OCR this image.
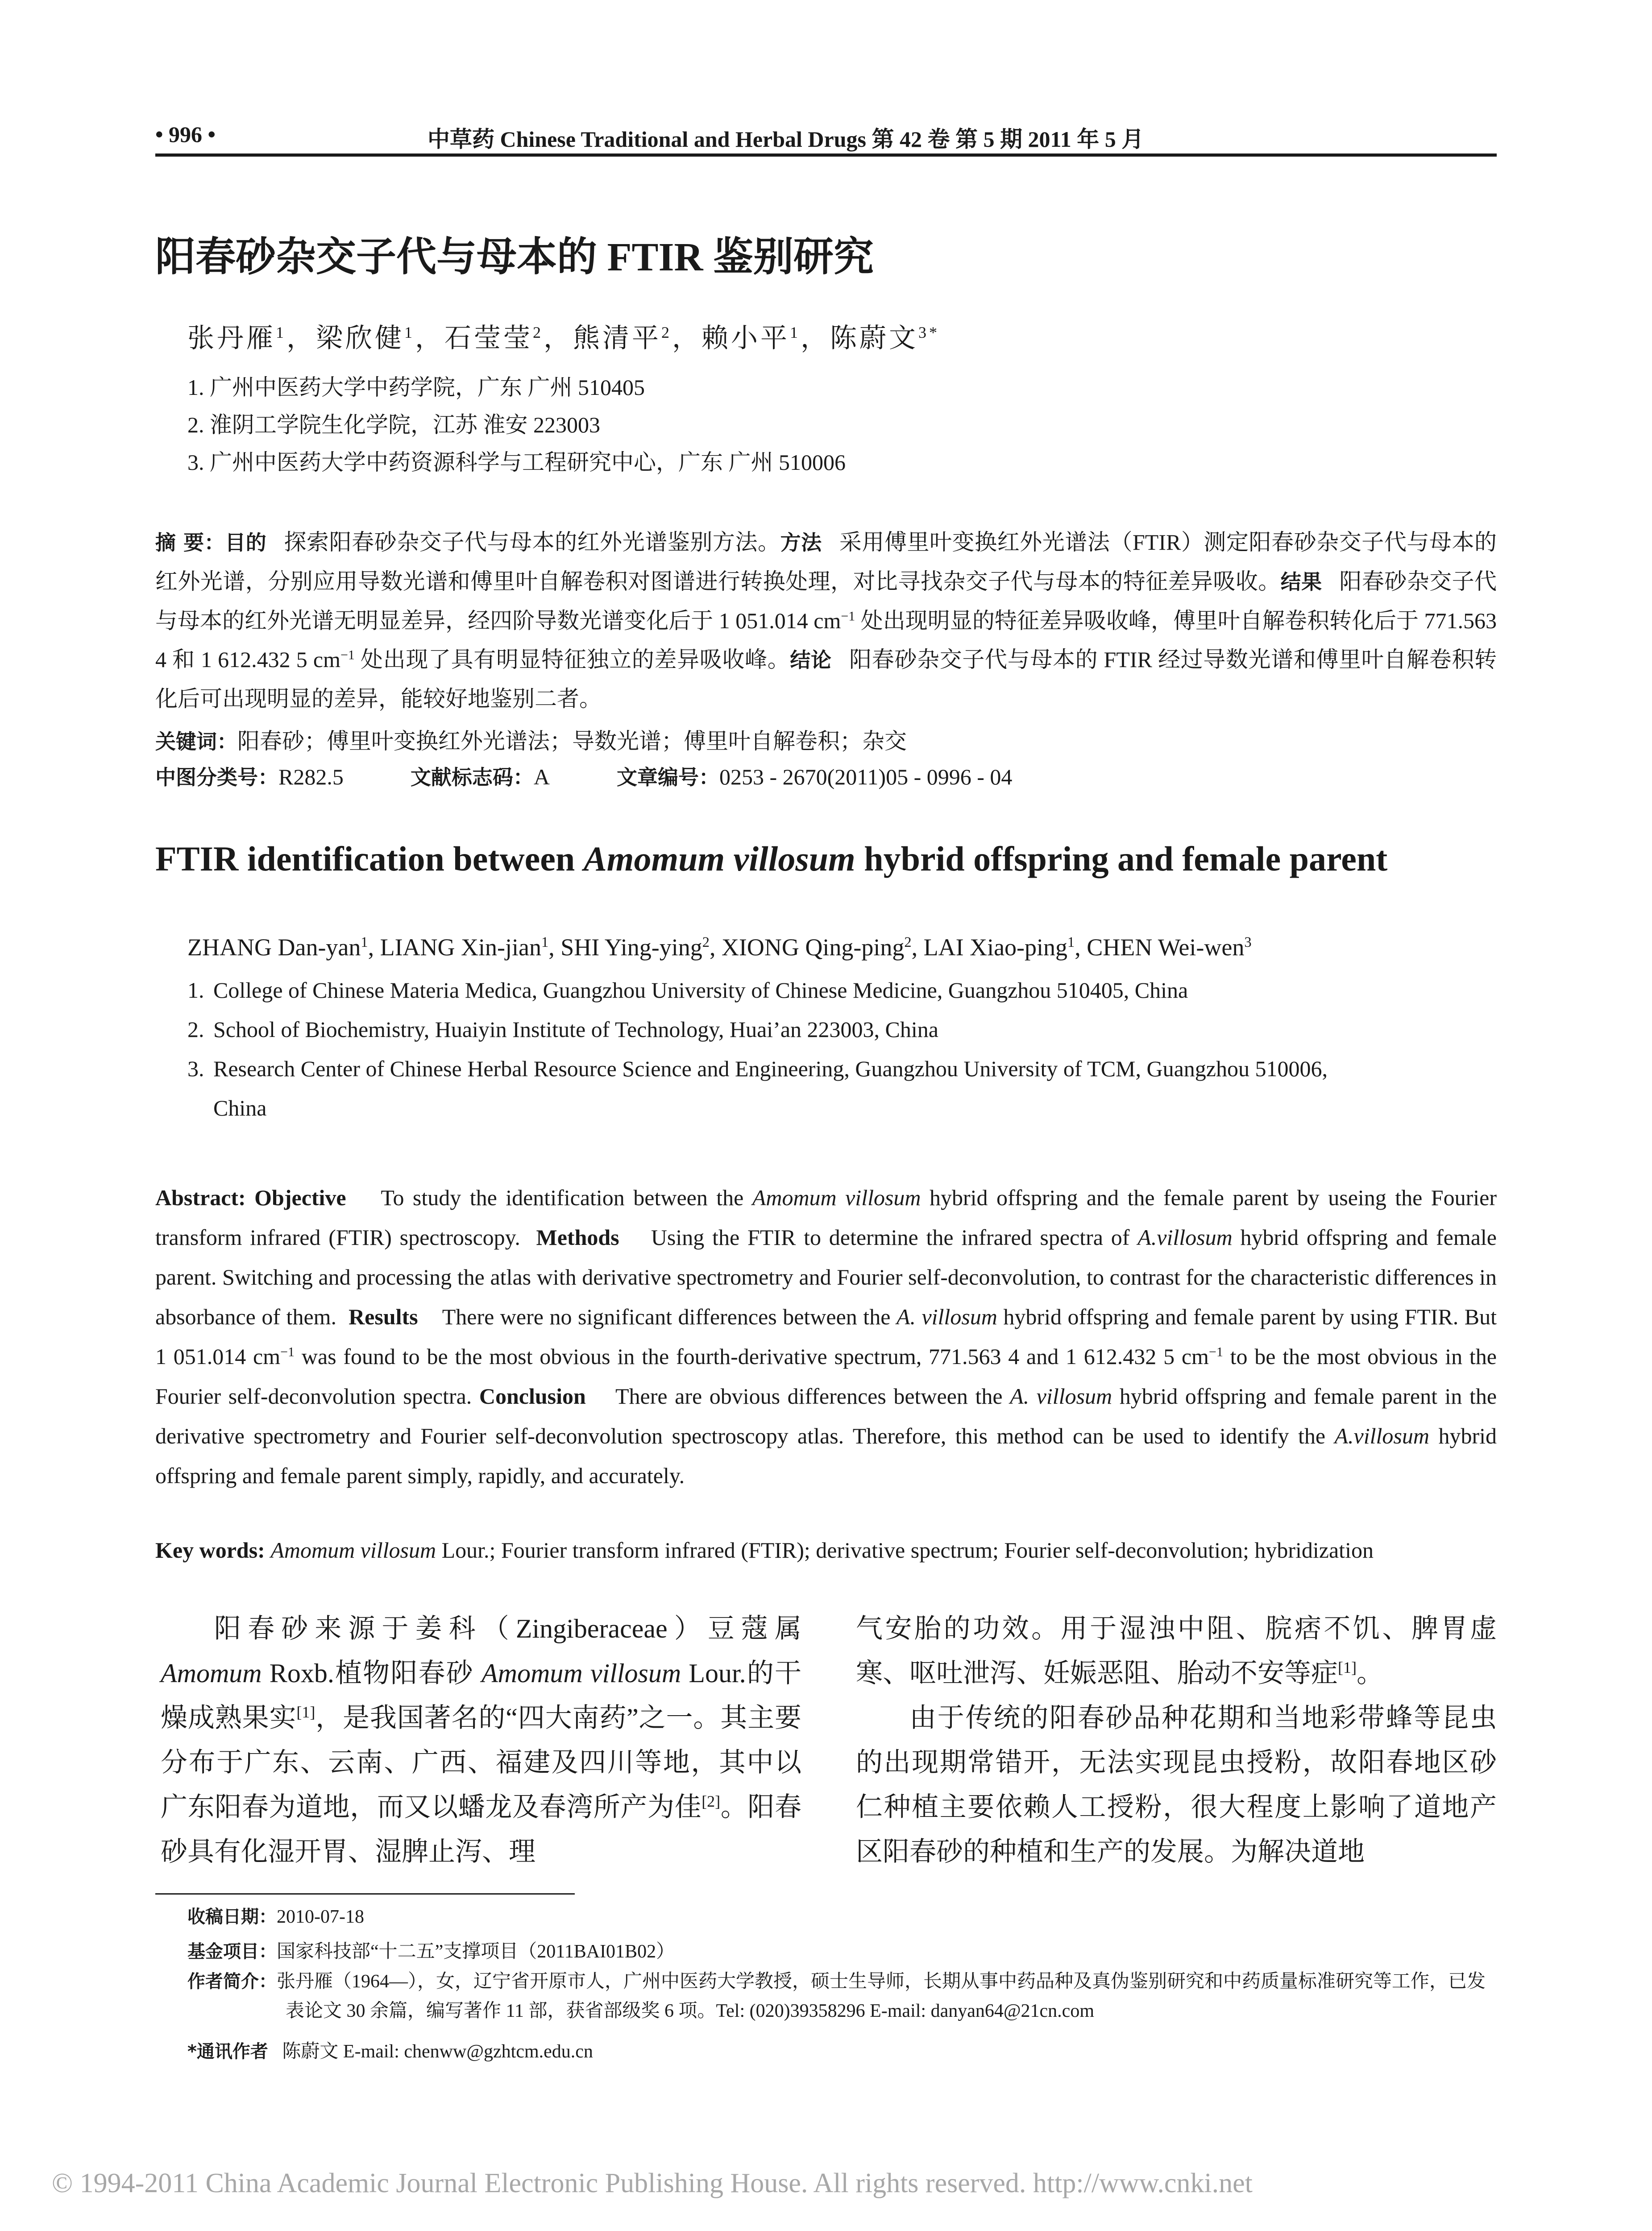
• 996 •	中草药 Chinese Traditional and Herbal Drugs 第 42 卷 第 5 期 2011 年 5 月
阳春砂杂交子代与母本的 FTIR 鉴别研究
张丹雁$^1$，梁欣健$^1$，石莹莹$^2$，熊清平$^2$，赖小平$^1$，陈蔚文$^{3*}$
1. 广州中医药大学中药学院，广东 广州 510405
2. 淮阴工学院生化学院，江苏 淮安 223003
3. 广州中医药大学中药资源科学与工程研究中心，广东 广州 510006
摘 要：目的 探索阳春砂杂交子代与母本的红外光谱鉴别方法。方法 采用傅里叶变换红外光谱法（FTIR）测定阳春砂杂交子代与母本的红外光谱，分别应用导数光谱和傅里叶自解卷积对图谱进行转换处理，对比寻找杂交子代与母本的特征差异吸收。结果 阳春砂杂交子代与母本的红外光谱无明显差异，经四阶导数光谱变化后于 1 051.014 $cm^{-1}$ 处出现明显的特征差异吸收峰，傅里叶自解卷积转化后于 771.563 4 和 1 612.432 5 $cm^{-1}$ 处出现了具有明显特征独立的差异吸收峰。结论 阳春砂杂交子代与母本的 FTIR 经过导数光谱和傅里叶自解卷积转化后可出现明显的差异，能较好地鉴别二者。
关键词：阳春砂；傅里叶变换红外光谱法；导数光谱；傅里叶自解卷积；杂交
中图分类号：R282.5	文献标志码：A	文章编号：0253 - 2670(2011)05 - 0996 - 04
FTIR identification between Amomum villosum hybrid offspring and female parent
ZHANG Dan-yan$^1$, LIANG Xin-jian$^1$, SHI Ying-ying$^2$, XIONG Qing-ping$^2$, LAI Xiao-ping$^1$, CHEN Wei-wen$^3$
1. College of Chinese Materia Medica, Guangzhou University of Chinese Medicine, Guangzhou 510405, China
2. School of Biochemistry, Huaiyin Institute of Technology, Huai’an 223003, China
3. Research Center of Chinese Herbal Resource Science and Engineering, Guangzhou University of TCM, Guangzhou 510006,
China
Abstract: Objective To study the identification between the Amomum villosum hybrid offspring and the female parent by useing the Fourier transform infrared (FTIR) spectroscopy. Methods Using the FTIR to determine the infrared spectra of A.villosum hybrid offspring and female parent. Switching and processing the atlas with derivative spectrometry and Fourier self-deconvolution, to contrast for the characteristic differences in absorbance of them. Results There were no significant differences between the A. villosum hybrid offspring and female parent by using FTIR. But 1 051.014 $cm^{-1}$ was found to be the most obvious in the fourth-derivative spectrum, 771.563 4 and 1 612.432 5 $cm^{-1}$ to be the most obvious in the Fourier self-deconvolution spectra. Conclusion There are obvious differences between the A. villosum hybrid offspring and female parent in the derivative spectrometry and Fourier self-deconvolution spectroscopy atlas. Therefore, this method can be used to identify the A.villosum hybrid offspring and female parent simply, rapidly, and accurately.
Key words: Amomum villosum Lour.; Fourier transform infrared (FTIR); derivative spectrum; Fourier self-deconvolution; hybridization

阳春砂来源于姜科（Zingiberaceae）豆蔻属 Amomum Roxb.植物阳春砂 Amomum villosum Lour.的干燥成熟果实[1]，是我国著名的“四大南药”之一。其主要分布于广东、云南、广西、福建及四川等地，其中以广东阳春为道地，而又以蟠龙及春湾所产为佳[2]。阳春砂具有化湿开胃、湿脾止泻、理

气安胎的功效。用于湿浊中阻、脘痞不饥、脾胃虚寒、呕吐泄泻、妊娠恶阻、胎动不安等症[1]。

由于传统的阳春砂品种花期和当地彩带蜂等昆虫的出现期常错开，无法实现昆虫授粉，故阳春地区砂仁种植主要依赖人工授粉，很大程度上影响了道地产区阳春砂的种植和生产的发展。为解决道地

收稿日期：2010-07-18
基金项目：国家科技部“十二五”支撑项目（2011BAI01B02）
作者简介：张丹雁（1964—），女，辽宁省开原市人，广州中医药大学教授，硕士生导师，长期从事中药品种及真伪鉴别研究和中药质量标准研究等工作，已发表论文 30 余篇，编写著作 11 部，获省部级奖 6 项。Tel: (020)39358296 E-mail: danyan64@21cn.com
*通讯作者 陈蔚文 E-mail: chenww@gzhtcm.edu.cn
© 1994-2011 China Academic Journal Electronic Publishing House. All rights reserved. http://www.cnki.net
